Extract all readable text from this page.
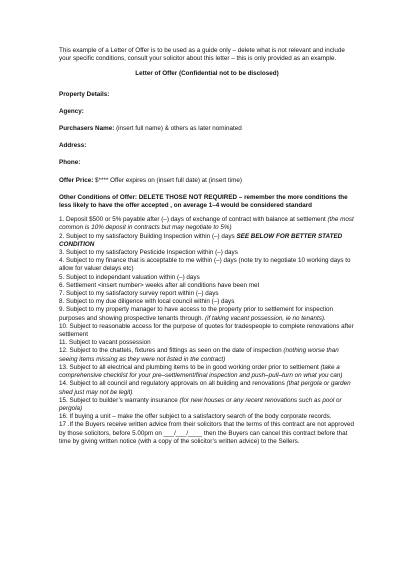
This example of a Letter of Offer is to be used as a guide only – delete what is not relevant and include your specific conditions, consult your solicitor about this letter – this is only provided as an example.

Letter of Offer (Confidential not to be disclosed)

Property Details:

Agency:

Purchasers Name: (insert full name) & others as later nominated

Address:

Phone:

Offer Price: $**** Offer expires on (insert full date) at (insert time)

Other Conditions of Offer: DELETE THOSE NOT REQUIRED – remember the more conditions the less likely to have the offer accepted , on average 1–4 would be considered standard

1. Deposit $500 or 5% payable after (–) days of exchange of contract with balance at settlement (the most common is 10% deposit in contracts but may negotiate to 5%)

2. Subject to my satisfactory Building Inspection within (–) days SEE BELOW FOR BETTER STATED CONDITION

3. Subject to my satisfactory Pesticide Inspection within (–) days

4. Subject to my finance that is acceptable to me within (–) days (note try to negotiate 10 working days to allow for valuer delays etc)

5. Subject to independant valuation within (–) days

6. Settlement <insert number> weeks after all conditions have been met

7. Subject to my satisfactory survey report within (–) days

8. Subject to my due diligence with local council within (–) days

9. Subject to my property manager to have access to the property prior to settlement for inspection purposes and showing prospective tenants through. (if taking vacant possession, ie no tenants).

10. Subject to reasonable access for the purpose of quotes for tradespeople to complete renovations after settlement

11. Subject to vacant possession

12. Subject to the chattels, fixtures and fittings as seen on the date of inspection (nothing worse than seeing items missing as they were not listed in the contract)

13. Subject to all electrical and plumbing items to be in good working order prior to settlement (take a comprehensive checklist for your pre–settlement/final inspection and push–pull–turn on what you can)

14. Subject to all council and regulatory approvals on all building and renovations (that pergola or garden shed just may not be legit)

15. Subject to builder’s warranty insurance (for new houses or any recent renovations such as pool or pergola)

16. If buying a unit – make the offer subject to a satisfactory search of the body corporate records.

17 .If the Buyers receive written advice from their solicitors that the terms of this contract are not approved by those solicitors, before 5.00pm on ___/___/____ then the Buyers can cancel this contract before that time by giving written notice (with a copy of the solicitor’s written advice) to the Sellers.
